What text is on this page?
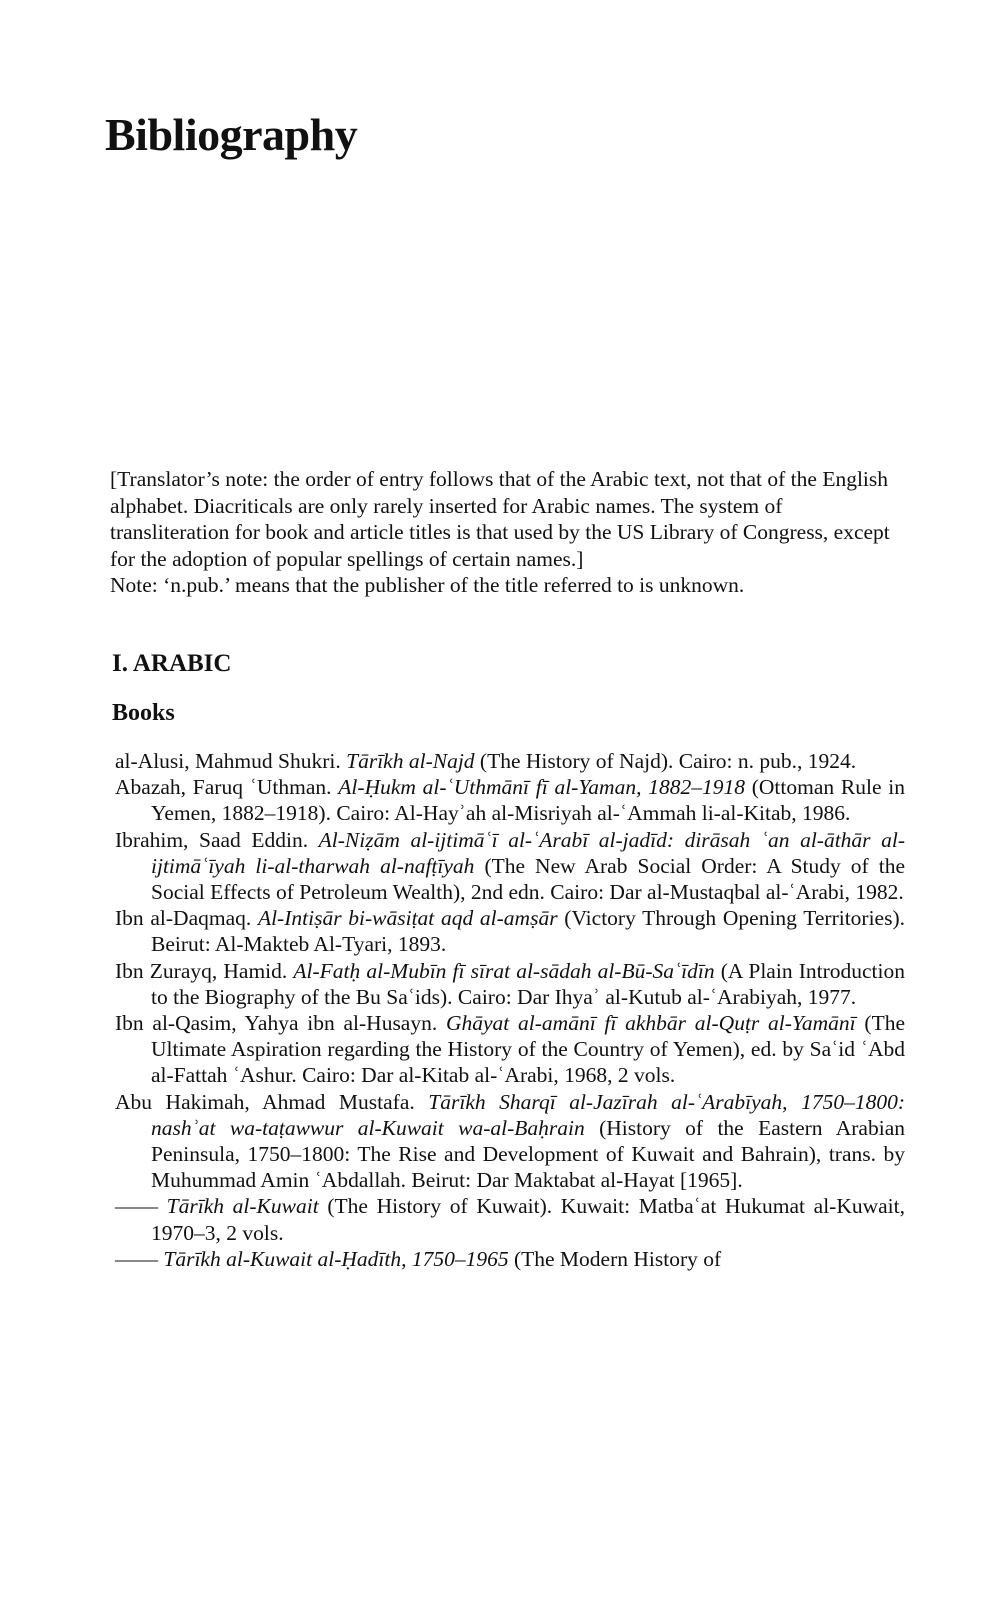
Bibliography

[Translator’s note: the order of entry follows that of the Arabic text, not that of the English alphabet. Diacriticals are only rarely inserted for Arabic names. The system of transliteration for book and article titles is that used by the US Library of Congress, except for the adoption of popular spellings of certain names.]

Note: ‘n.pub.’ means that the publisher of the title referred to is unknown.

I. ARABIC
Books
al-Alusi, Mahmud Shukri. Tārīkh al-Najd (The History of Najd). Cairo: n. pub., 1924.
Abazah, Faruq ʿUthman. Al-Ḥukm al-ʿUthmānī fī al-Yaman, 1882–1918 (Ottoman Rule in Yemen, 1882–1918). Cairo: Al-Hayʾah al-Misriyah al-ʿAmmah li-al-Kitab, 1986.
Ibrahim, Saad Eddin. Al-Niẓām al-ijtimāʿī al-ʿArabī al-jadīd: dirāsah ʿan al-āthār al-ijtimāʿīyah li-al-tharwah al-nafṭīyah (The New Arab Social Order: A Study of the Social Effects of Petroleum Wealth), 2nd edn. Cairo: Dar al-Mustaqbal al-ʿArabi, 1982.
Ibn al-Daqmaq. Al-Intiṣār bi-wāsiṭat aqd al-amṣār (Victory Through Opening Territories). Beirut: Al-Makteb Al-Tyari, 1893.
Ibn Zurayq, Hamid. Al-Fatḥ al-Mubīn fī sīrat al-sādah al-Bū-Saʿīdīn (A Plain Introduction to the Biography of the Bu Saʿids). Cairo: Dar Ihyaʾ al-Kutub al-ʿArabiyah, 1977.
Ibn al-Qasim, Yahya ibn al-Husayn. Ghāyat al-amānī fī akhbār al-Quṭr al-Yamānī (The Ultimate Aspiration regarding the History of the Country of Yemen), ed. by Saʿid ʿAbd al-Fattah ʿAshur. Cairo: Dar al-Kitab al-ʿArabi, 1968, 2 vols.
Abu Hakimah, Ahmad Mustafa. Tārīkh Sharqī al-Jazīrah al-ʿArabīyah, 1750–1800: nashʾat wa-taṭawwur al-Kuwait wa-al-Baḥrain (History of the Eastern Arabian Peninsula, 1750–1800: The Rise and Development of Kuwait and Bahrain), trans. by Muhummad Amin ʿAbdallah. Beirut: Dar Maktabat al-Hayat [1965].
—— Tārīkh al-Kuwait (The History of Kuwait). Kuwait: Matbaʿat Hukumat al-Kuwait, 1970–3, 2 vols.
—— Tārīkh al-Kuwait al-Ḥadīth, 1750–1965 (The Modern History of
